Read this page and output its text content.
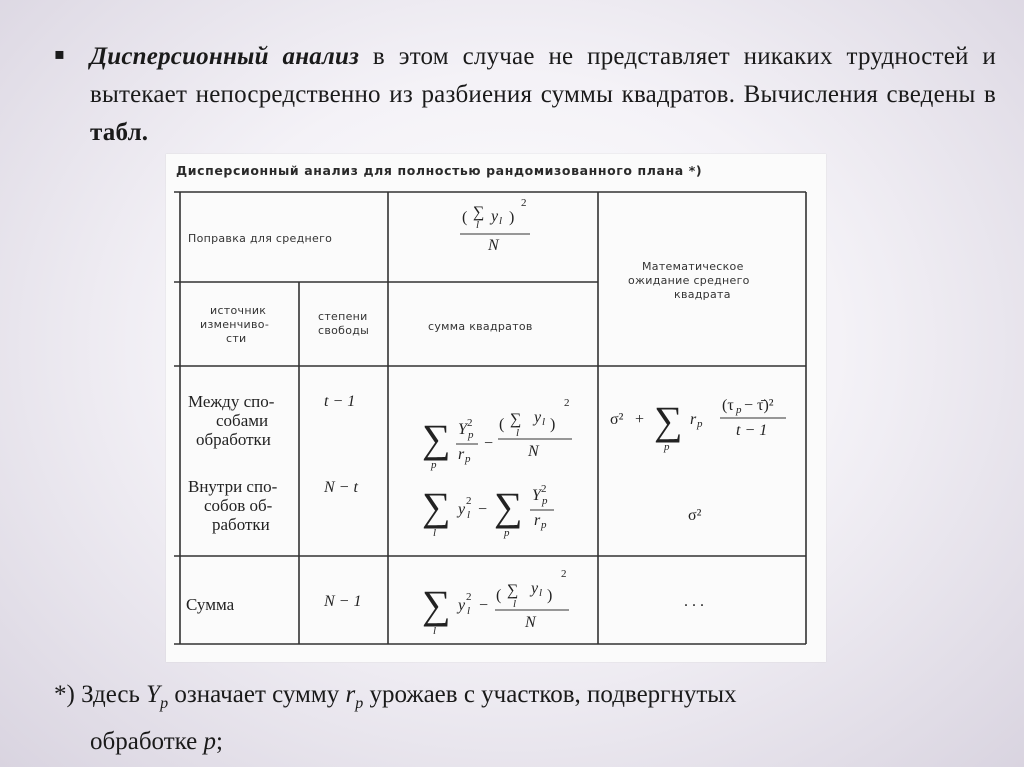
▪ Дисперсионный анализ в этом случае не представляет никаких трудностей и вытекает непосредственно из разбиения суммы квадратов. Вычисления сведены в табл.
Дисперсионный анализ для полностью рандомизованного плана *)
Поправка для среднего
( ∑
l y l )
2
N
Математическое
ожидание среднего
квадрата
источник
изменчиво-
сти
степени
свободы	сумма квадратов
Между спо-
собами
обработки
t − 1
∑
p
Y 2
p
r p
−
( ∑
l
y l )
2
N
σ² + ∑
p
r p
(τ p − τ̄)²
t − 1
Внутри спо-
собов об-
работки
N − t ∑
l
y 2
l − ∑
p
Y 2
p
r p
σ²
Сумма	N − 1 ∑
l
y 2
l −
( ∑
l
y l )
2
N
. . .
*) Здесь $Y_p$ означает сумму $r_p$ урожаев с участков, подвергнутых
обработке p;
